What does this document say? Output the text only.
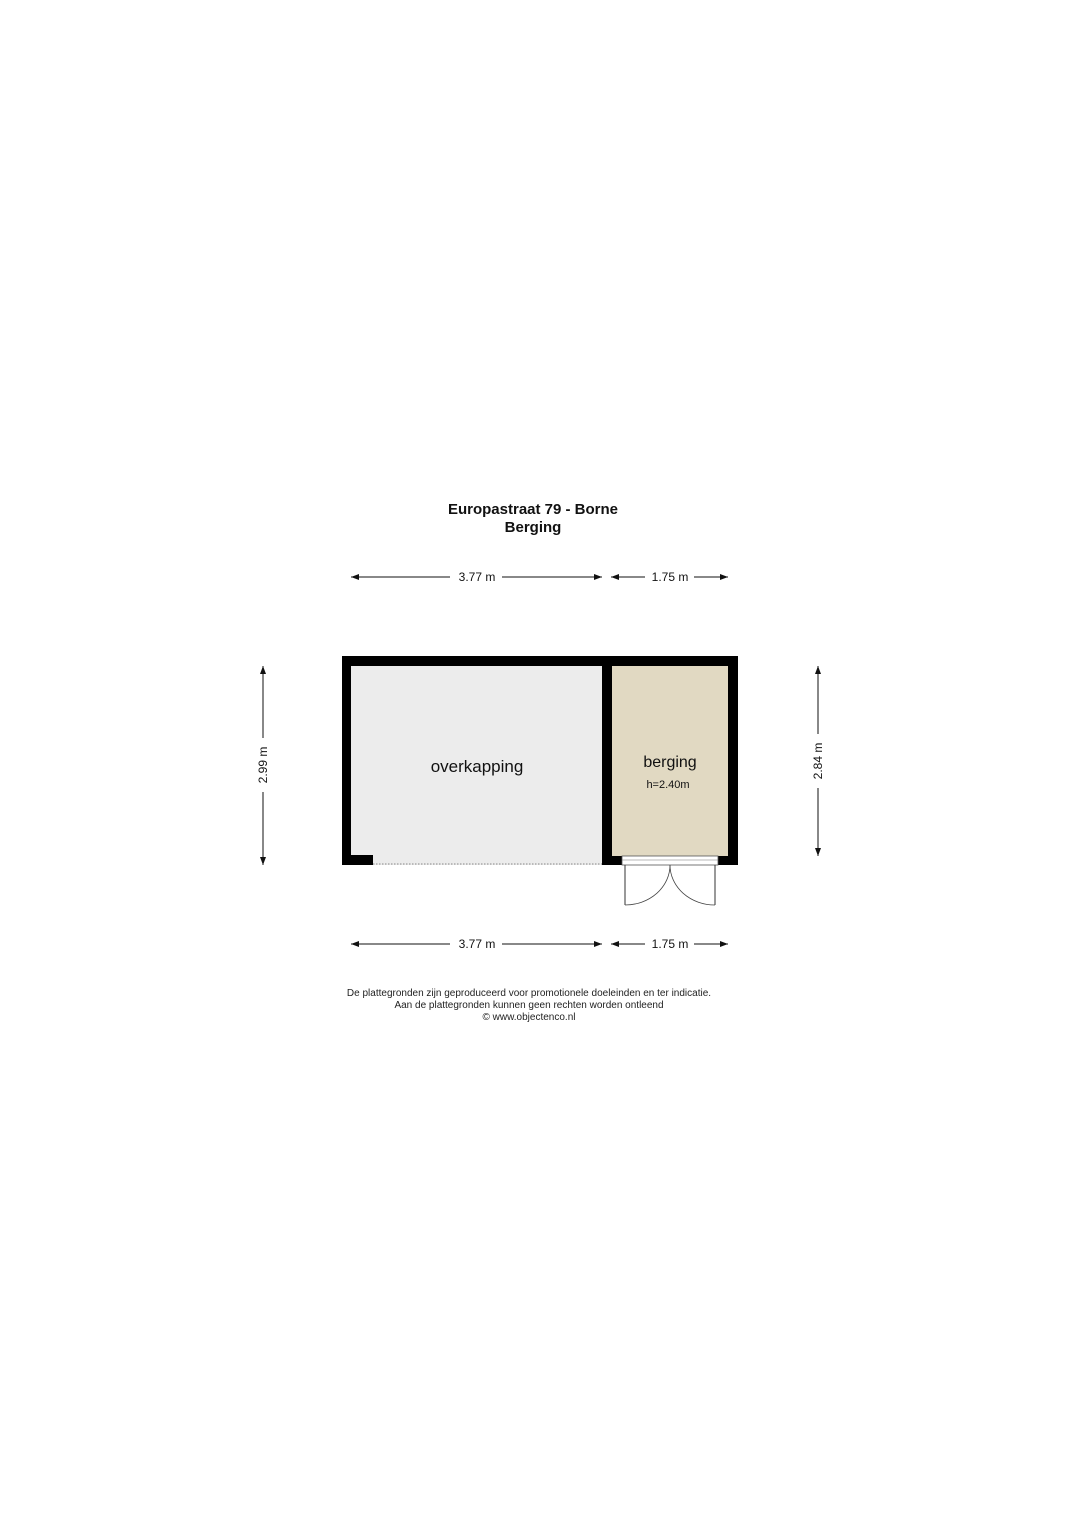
Europastraat 79 - Borne
Berging
3.77 m	1.75 m
3.77 m	1.75 m
2.99 m	2.84 m
overkapping	berging
h=2.40m
De plattegronden zijn geproduceerd voor promotionele doeleinden en ter indicatie.
Aan de plattegronden kunnen geen rechten worden ontleend
© www.objectenco.nl
